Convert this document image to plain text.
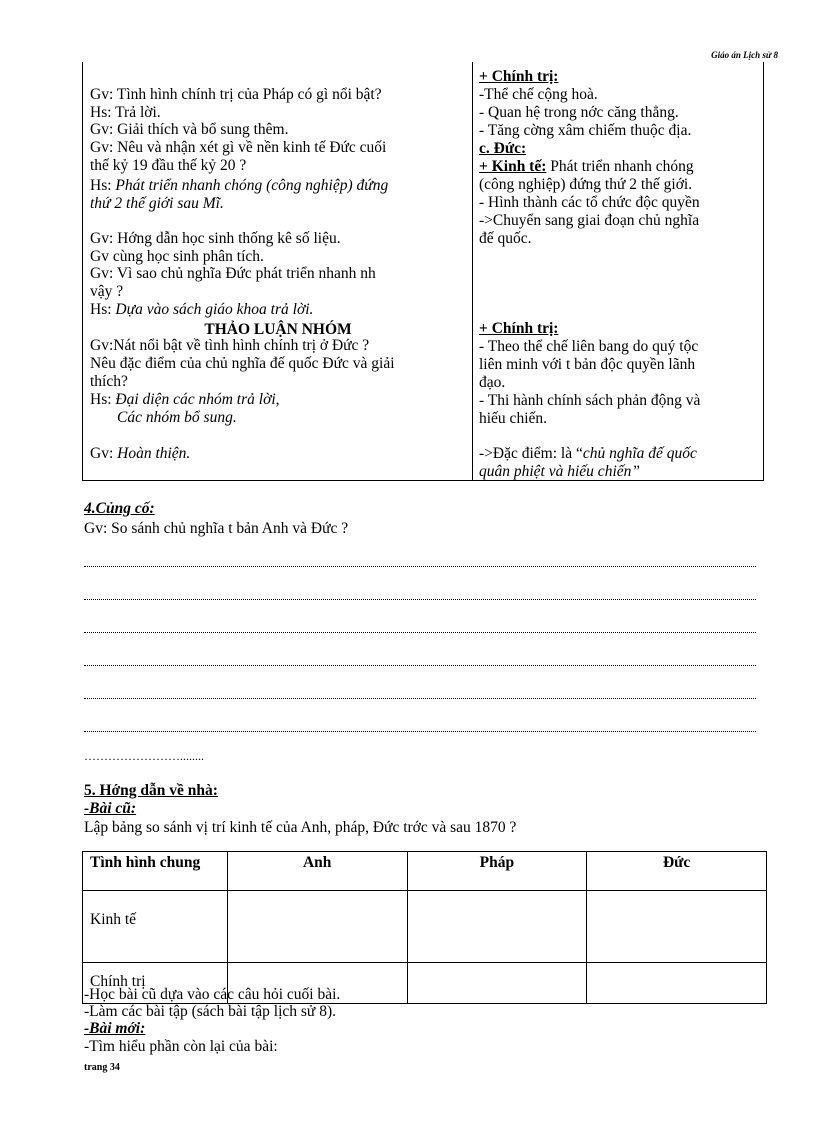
Giáo án Lịch sử 8
Gv: Tình hình chính trị của Pháp có gì nổi bật?
Hs: Trả lời.
Gv: Giải thích và bổ sung thêm.
Gv: Nêu và nhận xét gì về nền kinh tế Đức cuối
thế kỷ 19 đầu thế kỷ 20 ?
Hs: Phát triển nhanh chóng (công nghiệp) đứng
thứ 2 thế giới sau Mĩ.
Gv: Hớng dẫn học sinh thống kê số liệu.
Gv cùng học sinh phân tích.
Gv: Vì sao chủ nghĩa Đức phát triển nhanh nh
vậy ?
Hs: Dựa vào sách giáo khoa trả lời.
THẢO LUẬN NHÓM
Gv:Nát nổi bật về tình hình chính trị ở Đức ?
Nêu đặc điểm của chủ nghĩa đế quốc Đức và giải
thích?
Hs: Đại diện các nhóm trả lời,
Các nhóm bổ sung.
Gv: Hoàn thiện.
+ Chính trị:
-Thể chế cộng hoà.
- Quan hệ trong nớc căng thẳng.
- Tăng cờng xâm chiếm thuộc địa.
c. Đức:
+ Kinh tế: Phát triển nhanh chóng
(công nghiệp) đứng thứ 2 thế giới.
- Hình thành các tổ chức độc quyền
->Chuyển sang giai đoạn chủ nghĩa
đế quốc.
+ Chính trị:
- Theo thể chế liên bang do quý tộc
liên minh với t bản độc quyền lãnh
đạo.
- Thi hành chính sách phản động và
hiếu chiến.
->Đặc điểm: là “chủ nghĩa đế quốc
quân phiệt và hiếu chiến”
4.Củng cố:
Gv: So sánh chủ nghĩa t bản Anh và Đức ?
……………………........
5. Hớng dẫn về nhà:
-Bài cũ:
Lập bảng so sánh vị trí kinh tế của Anh, pháp, Đức trớc và sau 1870 ?
Tình hình chung	Anh	Pháp	Đức
Kinh tế			
Chính trị			
-Học bài cũ dựa vào các câu hỏi cuối bài.
-Làm các bài tập (sách bài tập lịch sử 8).
-Bài mới:
-Tìm hiểu phần còn lại của bài:
trang 34
